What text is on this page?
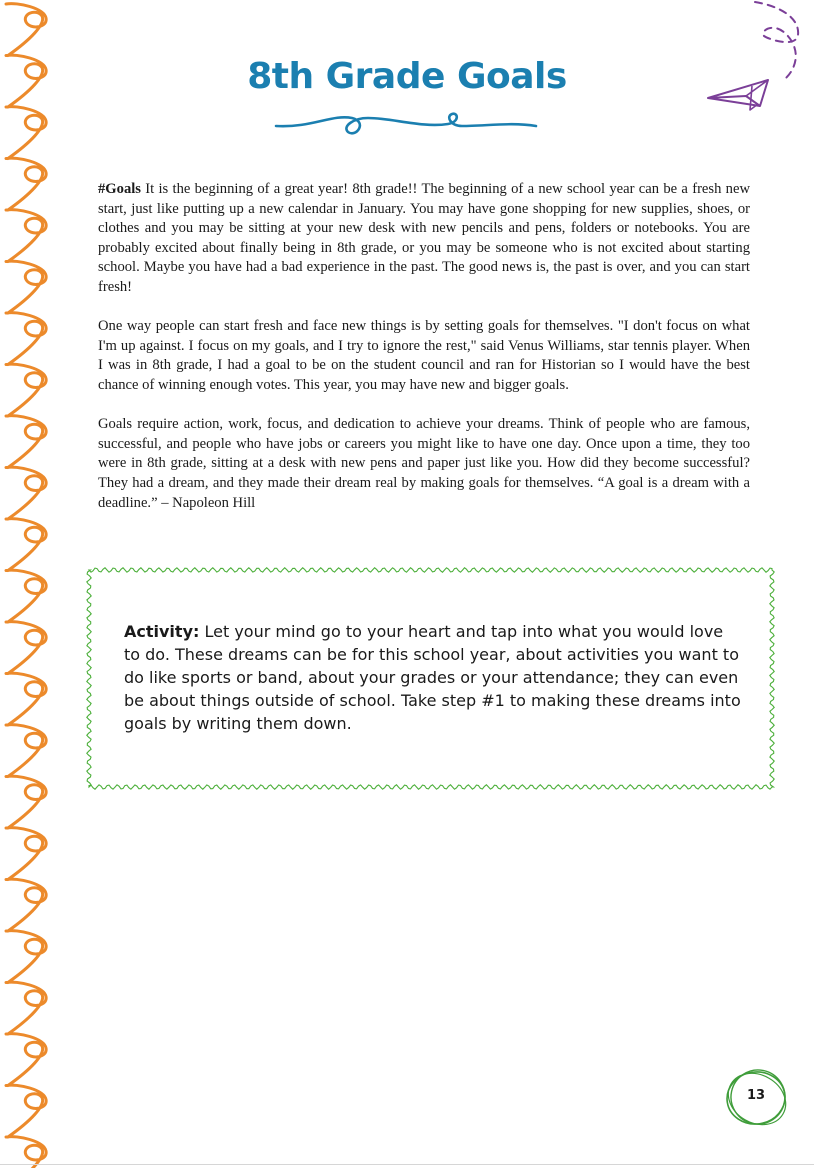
8th Grade Goals

#Goals It is the beginning of a great year! 8th grade!! The beginning of a new school year can be a fresh new start, just like putting up a new calendar in January. You may have gone shopping for new supplies, shoes, or clothes and you may be sitting at your new desk with new pencils and pens, folders or notebooks. You are probably excited about finally being in 8th grade, or you may be someone who is not excited about starting school. Maybe you have had a bad experience in the past. The good news is, the past is over, and you can start fresh!

One way people can start fresh and face new things is by setting goals for themselves. "I don't focus on what I'm up against. I focus on my goals, and I try to ignore the rest," said Venus Williams, star tennis player. When I was in 8th grade, I had a goal to be on the student council and ran for Historian so I would have the best chance of winning enough votes. This year, you may have new and bigger goals.

Goals require action, work, focus, and dedication to achieve your dreams. Think of people who are famous, successful, and people who have jobs or careers you might like to have one day. Once upon a time, they too were in 8th grade, sitting at a desk with new pens and paper just like you. How did they become successful? They had a dream, and they made their dream real by making goals for themselves. “A goal is a dream with a deadline.” – Napoleon Hill

Activity: Let your mind go to your heart and tap into what you would love to do. These dreams can be for this school year, about activities you want to do like sports or band, about your grades or your attendance; they can even be about things outside of school. Take step #1 to making these dreams into goals by writing them down.
13
